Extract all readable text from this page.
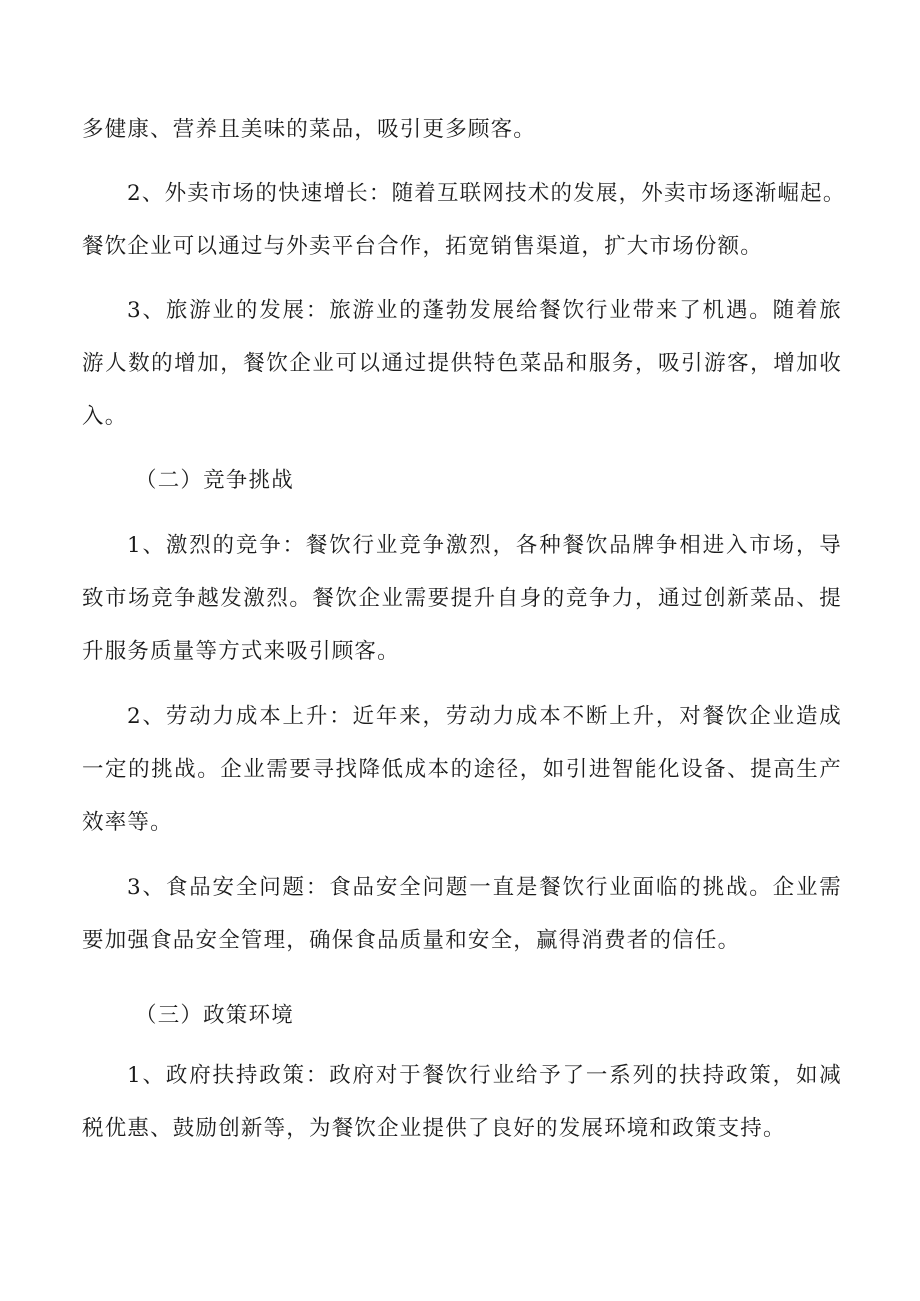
多健康、营养且美味的菜品，吸引更多顾客。
2、外卖市场的快速增长：随着互联网技术的发展，外卖市场逐渐崛起。
餐饮企业可以通过与外卖平台合作，拓宽销售渠道，扩大市场份额。
3、旅游业的发展：旅游业的蓬勃发展给餐饮行业带来了机遇。随着旅
游人数的增加，餐饮企业可以通过提供特色菜品和服务，吸引游客，增加收
入。
（二）竞争挑战
1、激烈的竞争：餐饮行业竞争激烈，各种餐饮品牌争相进入市场，导
致市场竞争越发激烈。餐饮企业需要提升自身的竞争力，通过创新菜品、提
升服务质量等方式来吸引顾客。
2、劳动力成本上升：近年来，劳动力成本不断上升，对餐饮企业造成
一定的挑战。企业需要寻找降低成本的途径，如引进智能化设备、提高生产
效率等。
3、食品安全问题：食品安全问题一直是餐饮行业面临的挑战。企业需
要加强食品安全管理，确保食品质量和安全，赢得消费者的信任。
（三）政策环境
1、政府扶持政策：政府对于餐饮行业给予了一系列的扶持政策，如减
税优惠、鼓励创新等，为餐饮企业提供了良好的发展环境和政策支持。
